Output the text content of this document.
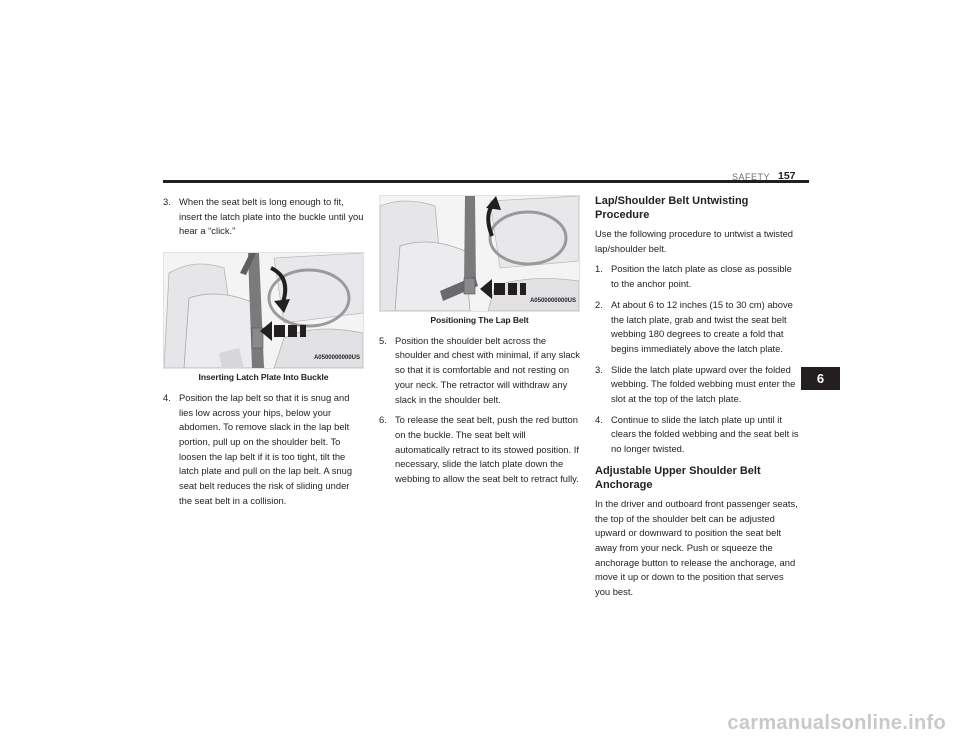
SAFETY 157
3. When the seat belt is long enough to fit, insert the latch plate into the buckle until you hear a “click.”

A0500000000US
Inserting Latch Plate Into Buckle
4. Position the lap belt so that it is snug and lies low across your hips, below your abdomen. To remove slack in the lap belt portion, pull up on the shoulder belt. To loosen the lap belt if it is too tight, tilt the latch plate and pull on the lap belt. A snug seat belt reduces the risk of sliding under the seat belt in a collision.

A0500000000US
Positioning The Lap Belt
5. Position the shoulder belt across the shoulder and chest with minimal, if any slack so that it is comfortable and not resting on your neck. The retractor will withdraw any slack in the shoulder belt.

6. To release the seat belt, push the red button on the buckle. The seat belt will automatically retract to its stowed position. If necessary, slide the latch plate down the webbing to allow the seat belt to retract fully.

Lap/Shoulder Belt Untwisting Procedure

Use the following procedure to untwist a twisted lap/shoulder belt.

1. Position the latch plate as close as possible to the anchor point.

2. At about 6 to 12 inches (15 to 30 cm) above the latch plate, grab and twist the seat belt webbing 180 degrees to create a fold that begins immediately above the latch plate.

3. Slide the latch plate upward over the folded webbing. The folded webbing must enter the slot at the top of the latch plate.

4. Continue to slide the latch plate up until it clears the folded webbing and the seat belt is no longer twisted.

Adjustable Upper Shoulder Belt Anchorage

In the driver and outboard front passenger seats, the top of the shoulder belt can be adjusted upward or downward to position the seat belt away from your neck. Push or squeeze the anchorage button to release the anchorage, and move it up or down to the position that serves you best.

6
carmanualsonline.info
